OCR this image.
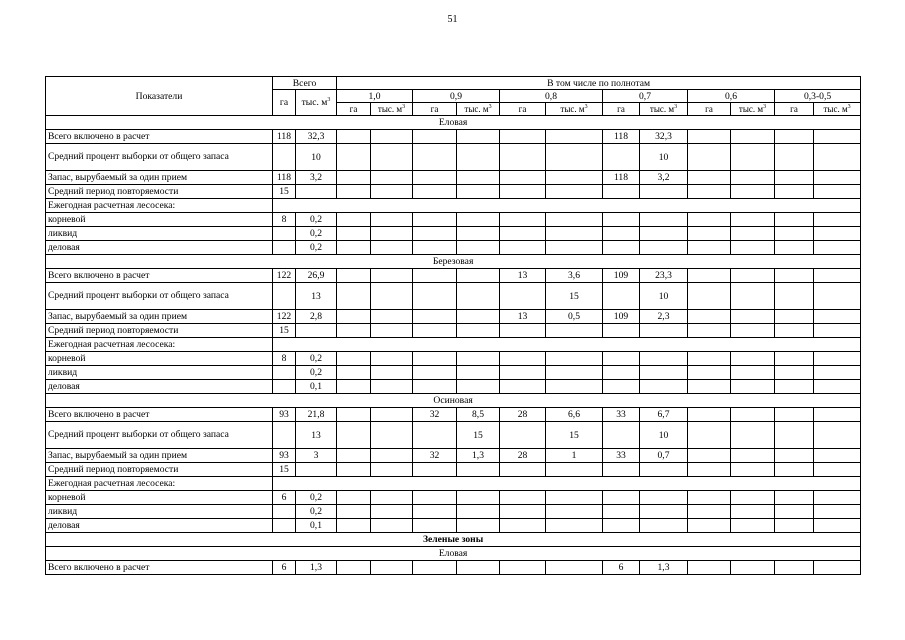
51
Показатели	Всего		В том числе по полнотам											
	га	тыс. $м^3$	1,0		0,9		0,8		0,7		0,6		0,3-0,5	
			га	тыс. $м^3$	га	тыс. $м^3$	га	тыс. $м^3$	га	тыс. $м^3$	га	тыс. $м^3$	га	тыс. $м^3$
Еловая														
Всего включено в расчет	118	32,3							118	32,3				
Средний процент выборки от общего запаса		10								10				
Запас, вырубаемый за один прием	118	3,2							118	3,2				
Средний период повторяемости	15													
Ежегодная расчетная лесосека:														
корневой	8	0,2												
ликвид		0,2												
деловая		0,2												
Березовая														
Всего включено в расчет	122	26,9					13	3,6	109	23,3				
Средний процент выборки от общего запаса		13						15		10				
Запас, вырубаемый за один прием	122	2,8					13	0,5	109	2,3				
Средний период повторяемости	15													
Ежегодная расчетная лесосека:														
корневой	8	0,2												
ликвид		0,2												
деловая		0,1												
Осиновая														
Всего включено в расчет	93	21,8			32	8,5	28	6,6	33	6,7				
Средний процент выборки от общего запаса		13				15		15		10				
Запас, вырубаемый за один прием	93	3			32	1,3	28	1	33	0,7				
Средний период повторяемости	15													
Ежегодная расчетная лесосека:														
корневой	6	0,2												
ликвид		0,2												
деловая		0,1												
Зеленые зоны														
Еловая														
Всего включено в расчет	6	1,3							6	1,3				
